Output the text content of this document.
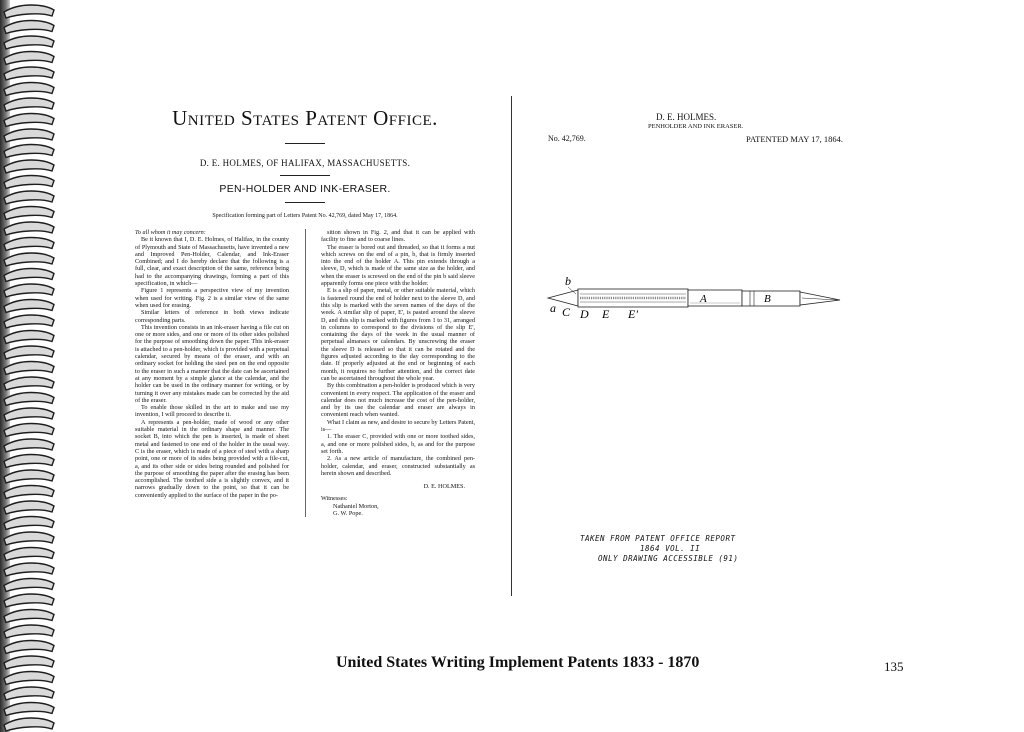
United States Patent Office.
D. E. HOLMES, OF HALIFAX, MASSACHUSETTS.
PEN-HOLDER AND INK-ERASER.
Specification forming part of Letters Patent No. 42,769, dated May 17, 1864.

To all whom it may concern:

Be it known that I, D. E. Holmes, of Halifax, in the county of Plymouth and State of Massachusetts, have invented a new and Improved Pen-Holder, Calendar, and Ink-Eraser Combined; and I do hereby declare that the following is a full, clear, and exact description of the same, reference being had to the accompanying drawings, forming a part of this specification, in which—

Figure 1 represents a perspective view of my invention when used for writing. Fig. 2 is a similar view of the same when used for erasing.

Similar letters of reference in both views indicate corresponding parts.

This invention consists in an ink-eraser having a file cut on one or more sides, and one or more of its other sides polished for the purpose of smoothing down the paper. This ink-eraser is attached to a pen-holder, which is provided with a perpetual calendar, secured by means of the eraser, and with an ordinary socket for holding the steel pen on the end opposite to the eraser in such a manner that the date can be ascertained at any moment by a simple glance at the calendar, and the holder can be used in the ordinary manner for writing, or by turning it over any mistakes made can be corrected by the aid of the eraser.

To enable those skilled in the art to make and use my invention, I will proceed to describe it.

A represents a pen-holder, made of wood or any other suitable material in the ordinary shape and manner. The socket B, into which the pen is inserted, is made of sheet metal and fastened to one end of the holder in the usual way. C is the eraser, which is made of a piece of steel with a sharp point, one or more of its sides being provided with a file-cut, a, and its other side or sides being rounded and polished for the purpose of smoothing the paper after the erasing has been accomplished. The toothed side a is slightly convex, and it narrows gradually down to the point, so that it can be conveniently applied to the surface of the paper in the po-

sition shown in Fig. 2, and that it can be applied with facility to fine and to coarse lines.

The eraser is bored out and threaded, so that it forms a nut which screws on the end of a pin, b, that is firmly inserted into the end of the holder A. This pin extends through a sleeve, D, which is made of the same size as the holder, and when the eraser is screwed on the end of the pin b said sleeve apparently forms one piece with the holder.

E is a slip of paper, metal, or other suitable material, which is fastened round the end of holder next to the sleeve D, and this slip is marked with the seven names of the days of the week. A similar slip of paper, E', is pasted around the sleeve D, and this slip is marked with figures from 1 to 31, arranged in columns to correspond to the divisions of the slip E', containing the days of the week in the usual manner of perpetual almanacs or calendars. By unscrewing the eraser the sleeve D is released so that it can be rotated and the figures adjusted according to the day corresponding to the date. If properly adjusted at the end or beginning of each month, it requires no further attention, and the correct date can be ascertained throughout the whole year.

By this combination a pen-holder is produced which is very convenient in every respect. The application of the eraser and calendar does not much increase the cost of the pen-holder, and by its use the calendar and eraser are always in convenient reach when wanted.

What I claim as new, and desire to secure by Letters Patent, is—

1. The eraser C, provided with one or more toothed sides, a, and one or more polished sides, b, as and for the purpose set forth.

2. As a new article of manufacture, the combined pen-holder, calendar, and eraser, constructed substantially as herein shown and described.

D. E. HOLMES.
Witnesses:
Nathaniel Morton,
G. W. Pope.
D. E. HOLMES.
PENHOLDER AND INK ERASER.
No. 42,769.	PATENTED MAY 17, 1864.
b
a C D E E'
A	B
TAKEN FROM PATENT OFFICE REPORT
1864 VOL. II
ONLY DRAWING ACCESSIBLE (91)
United States Writing Implement Patents 1833 - 1870	135
